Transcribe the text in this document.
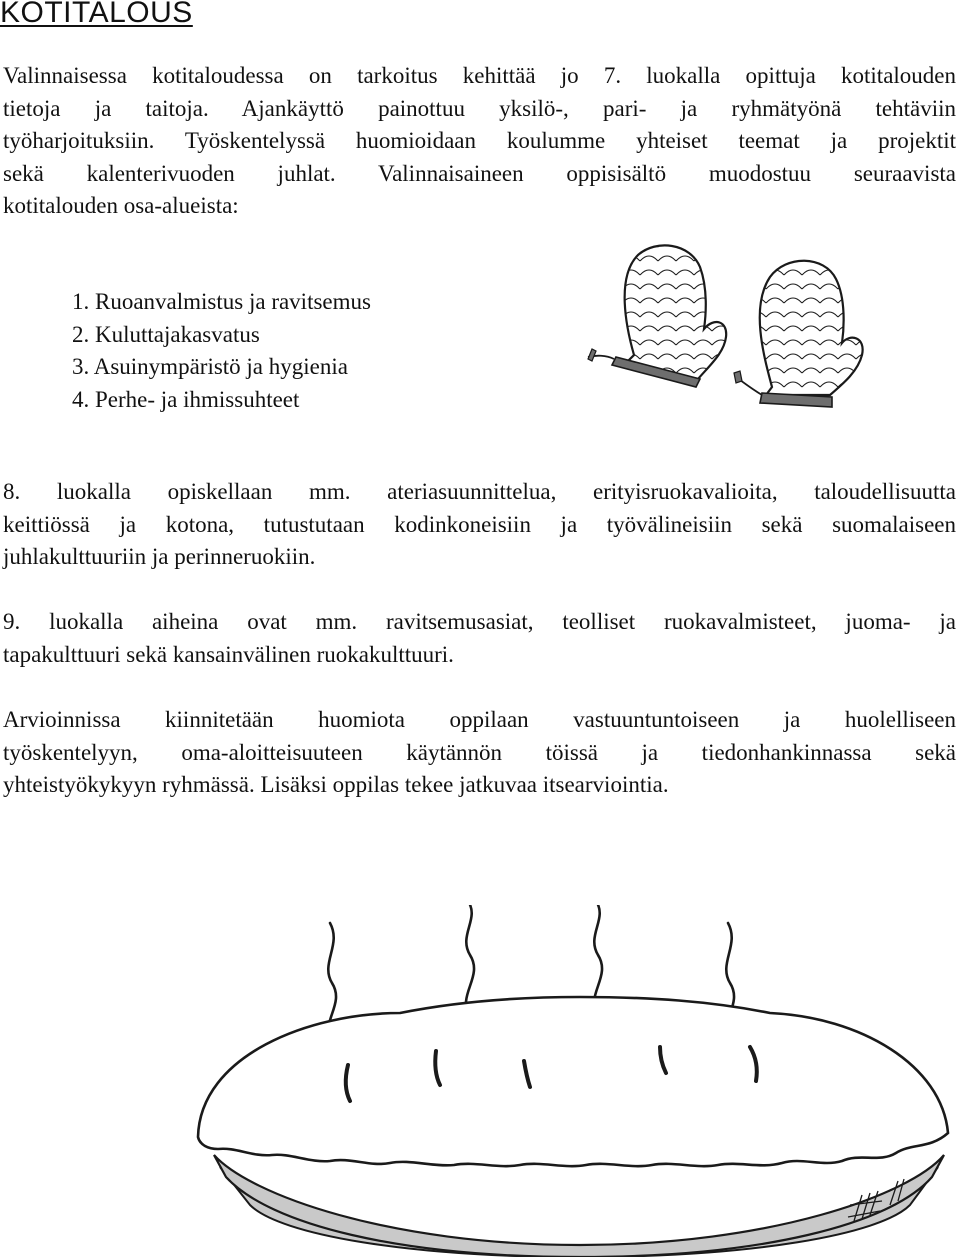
KOTITALOUS

Valinnaisessa kotitaloudessa on tarkoitus kehittää jo 7. luokalla opittuja kotitalouden
tietoja ja taitoja. Ajankäyttö painottuu yksilö-, pari- ja ryhmätyönä tehtäviin
työharjoituksiin. Työskentelyssä huomioidaan koulumme yhteiset teemat ja projektit
sekä kalenterivuoden juhlat. Valinnaisaineen oppisisältö muodostuu seuraavista
kotitalouden osa-alueista:

1. Ruoanvalmistus ja ravitsemus
2. Kuluttajakasvatus
3. Asuinympäristö ja hygienia
4. Perhe- ja ihmissuhteet

8. luokalla opiskellaan mm. ateriasuunnittelua, erityisruokavalioita, taloudellisuutta
keittiössä ja kotona, tutustutaan kodinkoneisiin ja työvälineisiin sekä suomalaiseen
juhlakulttuuriin ja perinneruokiin.

9. luokalla aiheina ovat mm. ravitsemusasiat, teolliset ruokavalmisteet, juoma- ja
tapakulttuuri sekä kansainvälinen ruokakulttuuri.

Arvioinnissa kiinnitetään huomiota oppilaan vastuuntuntoiseen ja huolelliseen
työskentelyyn, oma-aloitteisuuteen käytännön töissä ja tiedonhankinnassa sekä
yhteistyökykyyn ryhmässä. Lisäksi oppilas tekee jatkuvaa itsearviointia.
